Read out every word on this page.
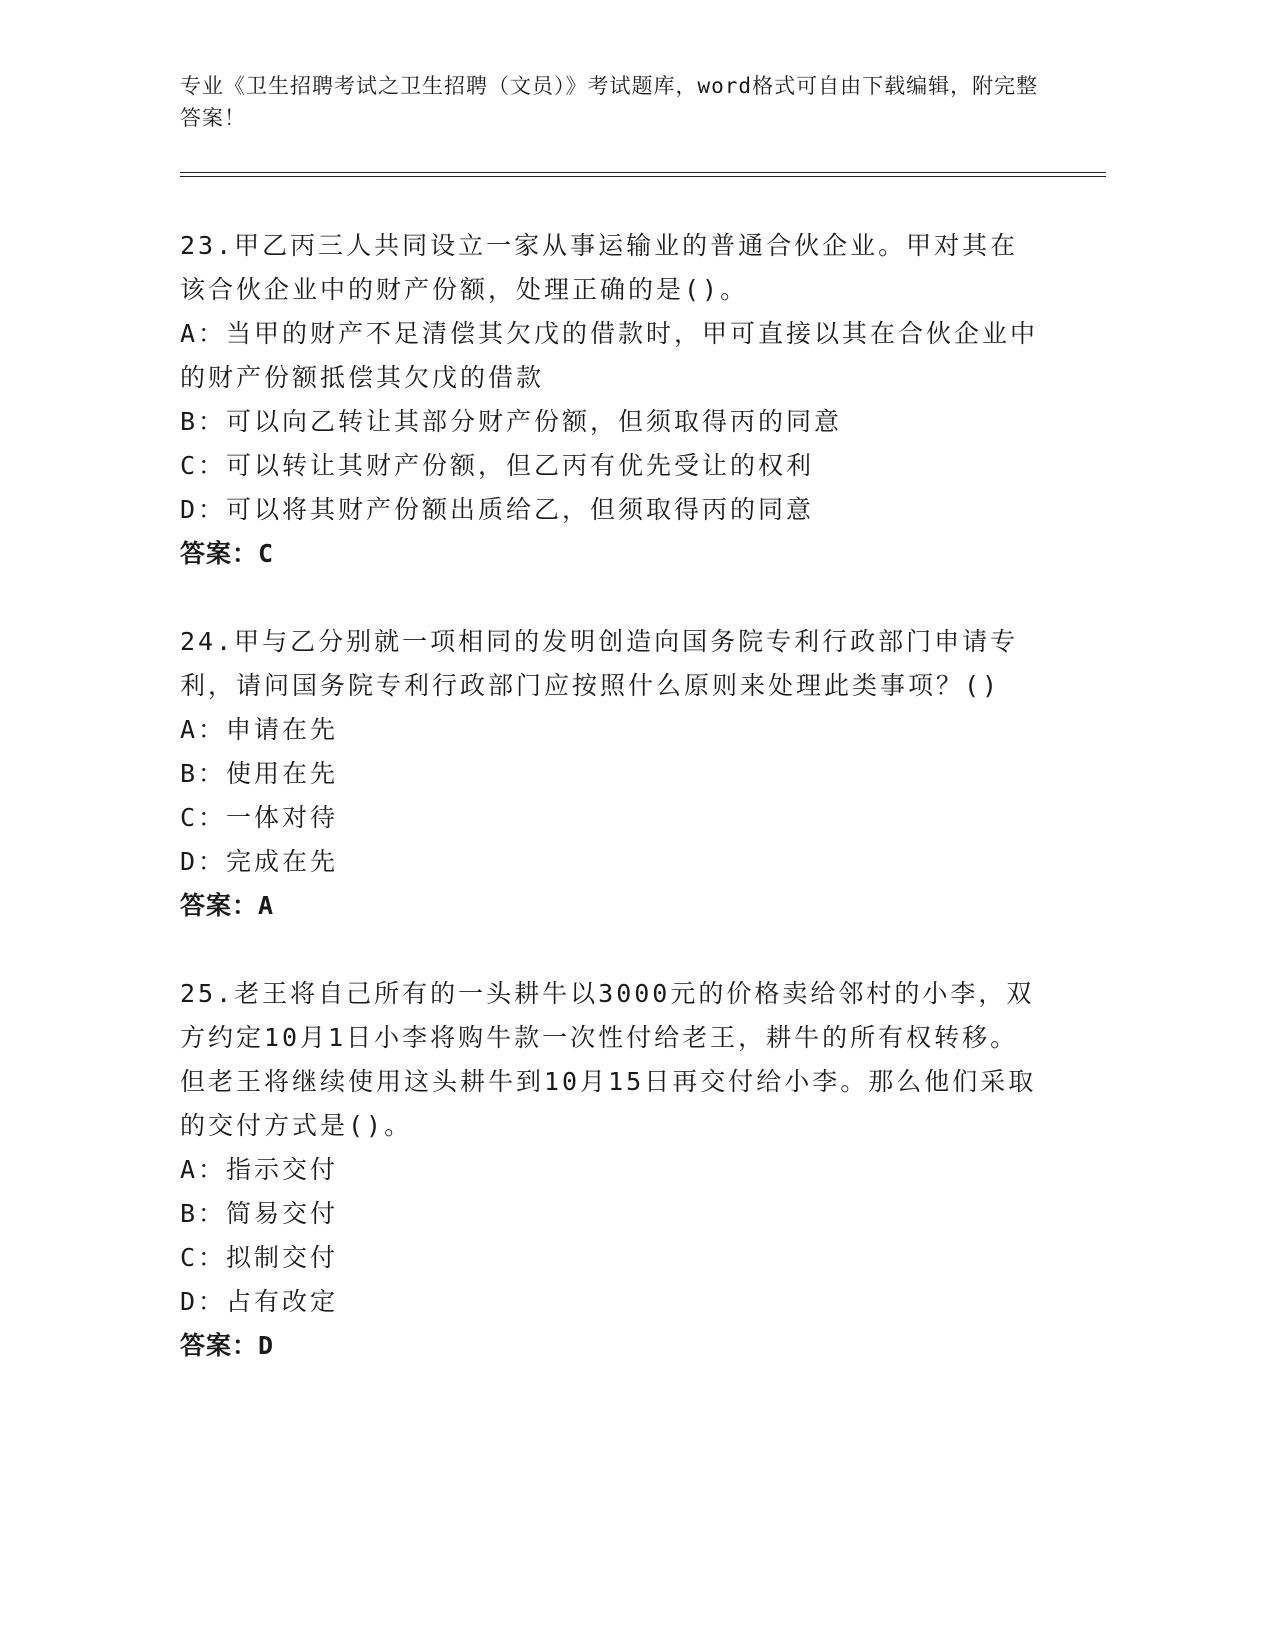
专业《卫生招聘考试之卫生招聘（文员）》考试题库，word格式可自由下载编辑，附完整答案！
23.甲乙丙三人共同设立一家从事运输业的普通合伙企业。甲对其在该合伙企业中的财产份额，处理正确的是()。
A：当甲的财产不足清偿其欠戊的借款时，甲可直接以其在合伙企业中的财产份额抵偿其欠戊的借款
B：可以向乙转让其部分财产份额，但须取得丙的同意
C：可以转让其财产份额，但乙丙有优先受让的权利
D：可以将其财产份额出质给乙，但须取得丙的同意
答案：C
24.甲与乙分别就一项相同的发明创造向国务院专利行政部门申请专利，请问国务院专利行政部门应按照什么原则来处理此类事项？()
A：申请在先
B：使用在先
C：一体对待
D：完成在先
答案：A
25.老王将自己所有的一头耕牛以3000元的价格卖给邻村的小李，双方约定10月1日小李将购牛款一次性付给老王，耕牛的所有权转移。但老王将继续使用这头耕牛到10月15日再交付给小李。那么他们采取的交付方式是()。
A：指示交付
B：简易交付
C：拟制交付
D：占有改定
答案：D
